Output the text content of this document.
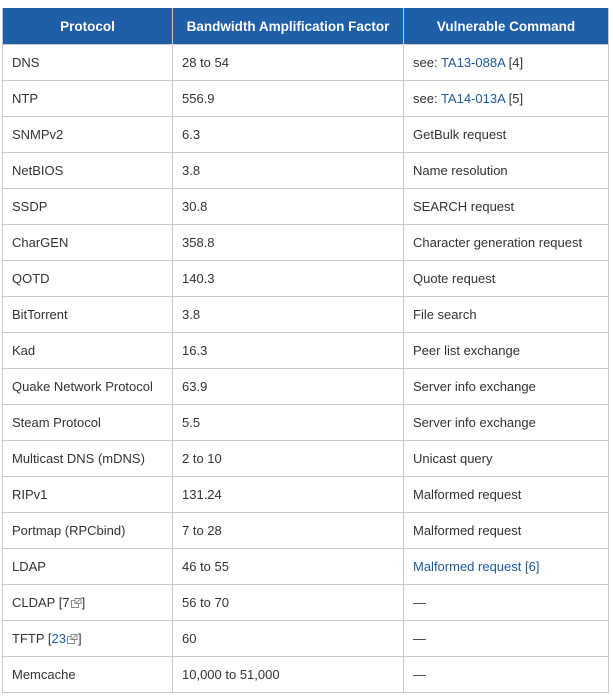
Protocol	Bandwidth Amplification Factor	Vulnerable Command
DNS	28 to 54	see: TA13-088A [4]
NTP	556.9	see: TA14-013A [5]
SNMPv2	6.3	GetBulk request
NetBIOS	3.8	Name resolution
SSDP	30.8	SEARCH request
CharGEN	358.8	Character generation request
QOTD	140.3	Quote request
BitTorrent	3.8	File search
Kad	16.3	Peer list exchange
Quake Network Protocol	63.9	Server info exchange
Steam Protocol	5.5	Server info exchange
Multicast DNS (mDNS)	2 to 10	Unicast query
RIPv1	131.24	Malformed request
Portmap (RPCbind)	7 to 28	Malformed request
LDAP	46 to 55	Malformed request [6]
CLDAP [7 ]	56 to 70	—
TFTP [23 ]	60	—
Memcache	10,000 to 51,000	—
